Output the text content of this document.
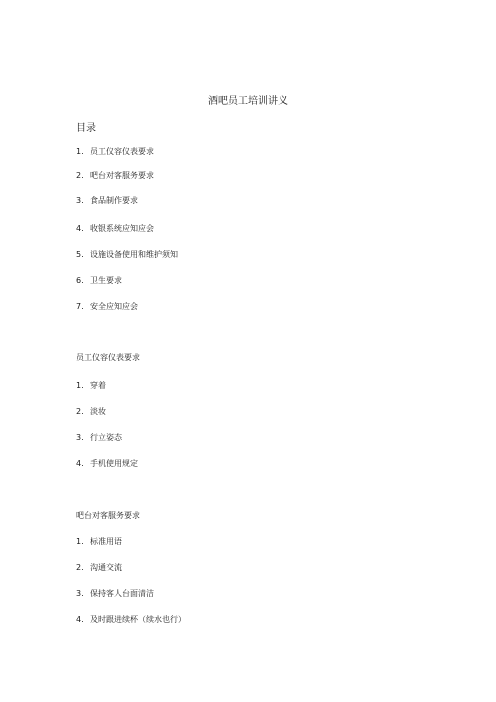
酒吧员工培训讲义
目录
1. 员工仪容仪表要求
2. 吧台对客服务要求
3. 食品制作要求
4. 收银系统应知应会
5. 设施设备使用和维护须知
6. 卫生要求
7. 安全应知应会
员工仪容仪表要求
1. 穿着
2. 淡妆
3. 行立姿态
4. 手机使用规定
吧台对客服务要求
1. 标准用语
2. 沟通交流
3. 保持客人台面清洁
4. 及时跟进续杯（续水也行）
